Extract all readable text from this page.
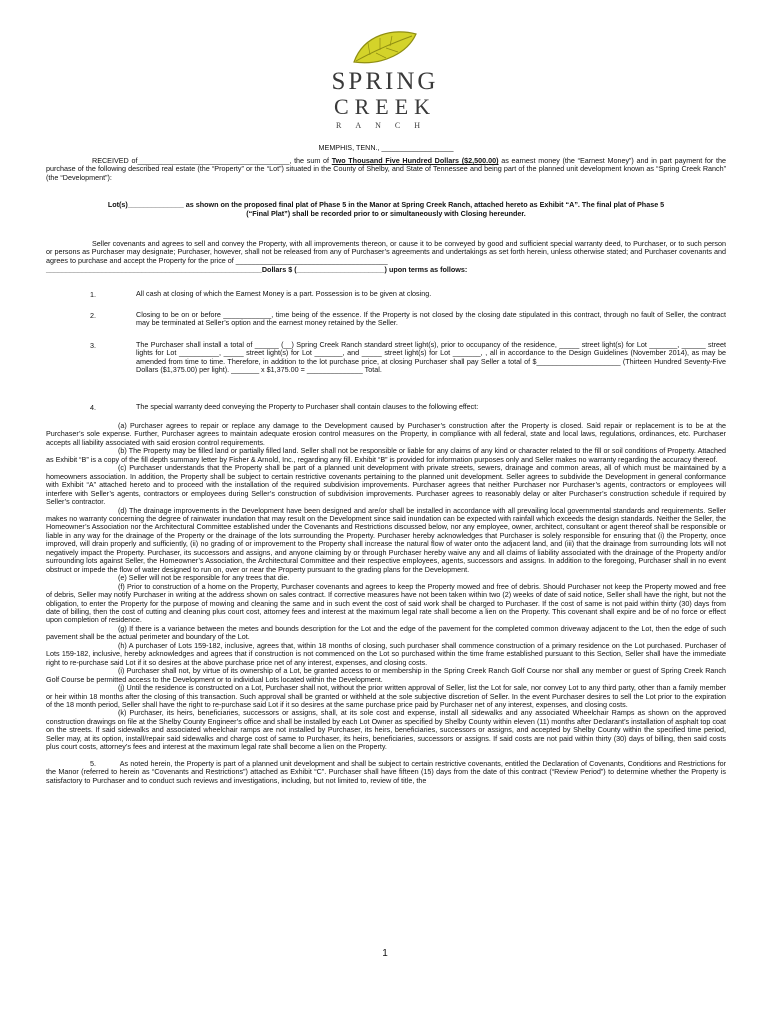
SPRING
CREEK
RANCH
MEMPHIS, TENN., __________________
RECEIVED of______________________________________, the sum of Two Thousand Five Hundred Dollars ($2,500.00) as earnest money (the “Earnest Money”) and in part payment for the purchase of the following described real estate (the “Property” or the “Lot”) situated in the County of Shelby, and State of Tennessee and being part of the planned unit development known as “Spring Creek Ranch” (the “Development”):
Lot(s)______________ as shown on the proposed final plat of Phase 5 in the Manor at Spring Creek Ranch, attached hereto as Exhibit “A”. The final plat of Phase 5
(“Final Plat”) shall be recorded prior to or simultaneously with Closing hereunder.
Seller covenants and agrees to sell and convey the Property, with all improvements thereon, or cause it to be conveyed by good and sufficient special warranty deed, to Purchaser, or to such person or persons as Purchaser may designate; Purchaser, however, shall not be released from any of Purchaser’s agreements and undertakings as set forth herein, unless otherwise stated; and Purchaser covenants and agrees to purchase and accept the Property for the price of ______________________________________
______________________________________________________Dollars $ (______________________) upon terms as follows:
1.	All cash at closing of which the Earnest Money is a part. Possession is to be given at closing.
2.	Closing to be on or before ____________, time being of the essence. If the Property is not closed by the closing date stipulated in this contract, through no fault of Seller, the contract may be terminated at Seller’s option and the earnest money retained by the Seller.
3.	The Purchaser shall install a total of ______ (__) Spring Creek Ranch standard street light(s), prior to occupancy of the residence, _____ street light(s) for Lot _______, ______ street lights for Lot __________, _____ street light(s) for Lot _______, and _____ street light(s) for Lot _______, , all in accordance to the Design Guidelines (November 2014), as may be amended from time to time. Therefore, in addition to the lot purchase price, at closing Purchaser shall pay Seller a total of $_____________________ (Thirteen Hundred Seventy-Five Dollars ($1,375.00) per light). _______ x $1,375.00 = ______________ Total.
4.	The special warranty deed conveying the Property to Purchaser shall contain clauses to the following effect:
(a) Purchaser agrees to repair or replace any damage to the Development caused by Purchaser’s construction after the Property is closed. Said repair or replacement is to be at the Purchaser’s sole expense. Further, Purchaser agrees to maintain adequate erosion control measures on the Property, in compliance with all federal, state and local laws, regulations, ordinances, etc. Purchaser accepts all liability associated with said erosion control requirements.
(b) The Property may be filled land or partially filled land. Seller shall not be responsible or liable for any claims of any kind or character related to the fill or soil conditions of Property. Attached as Exhibit “B” is a copy of the fill depth summary letter by Fisher & Arnold, Inc., regarding any fill. Exhibit “B” is provided for information purposes only and Seller makes no warranty regarding the accuracy thereof.
(c) Purchaser understands that the Property shall be part of a planned unit development with private streets, sewers, drainage and common areas, all of which must be maintained by a homeowners association. In addition, the Property shall be subject to certain restrictive covenants pertaining to the planned unit development. Seller agrees to subdivide the Development in general conformance with Exhibit “A” attached hereto and to proceed with the installation of the required subdivision improvements. Purchaser agrees that neither Purchaser nor Purchaser’s agents, contractors or employees will interfere with Seller’s agents, contractors or employees during Seller’s construction of subdivision improvements. Purchaser agrees to reasonably delay or alter Purchaser’s construction schedule if required by Seller’s contractor.
(d) The drainage improvements in the Development have been designed and are/or shall be installed in accordance with all prevailing local governmental standards and requirements. Seller makes no warranty concerning the degree of rainwater inundation that may result on the Development since said inundation can be expected with rainfall which exceeds the design standards. Neither the Seller, the Homeowner’s Association nor the Architectural Committee established under the Covenants and Restrictions discussed below, nor any employee, owner, architect, consultant or agent thereof shall be responsible or liable in any way for the drainage of the Property or the drainage of the lots surrounding the Property. Purchaser hereby acknowledges that Purchaser is solely responsible for ensuring that (i) the Property, once improved, will drain properly and sufficiently, (ii) no grading of or improvement to the Property shall increase the natural flow of water onto the adjacent land, and (iii) that the drainage from surrounding lots will not negatively impact the Property. Purchaser, its successors and assigns, and anyone claiming by or through Purchaser hereby waive any and all claims of liability associated with the drainage of the Property and/or surrounding lots against Seller, the Homeowner’s Association, the Architectural Committee and their respective employees, agents, successors and assigns. In addition to the foregoing, Purchaser shall in no event obstruct or impede the flow of water designed to run on, over or near the Property pursuant to the grading plans for the Development.
(e) Seller will not be responsible for any trees that die.
(f) Prior to construction of a home on the Property, Purchaser covenants and agrees to keep the Property mowed and free of debris. Should Purchaser not keep the Property mowed and free of debris, Seller may notify Purchaser in writing at the address shown on sales contract. If corrective measures have not been taken within two (2) weeks of date of said notice, Seller shall have the right, but not the obligation, to enter the Property for the purpose of mowing and cleaning the same and in such event the cost of said work shall be charged to Purchaser. If the cost of same is not paid within thirty (30) days from date of billing, then the cost of cutting and cleaning plus court cost, attorney fees and interest at the maximum legal rate shall become a lien on the Property. This covenant shall expire and be of no force or effect upon completion of residence.
(g) If there is a variance between the metes and bounds description for the Lot and the edge of the pavement for the completed common driveway adjacent to the Lot, then the edge of such pavement shall be the actual perimeter and boundary of the Lot.
(h) A purchaser of Lots 159-182, inclusive, agrees that, within 18 months of closing, such purchaser shall commence construction of a primary residence on the Lot purchased. Purchaser of Lots 159-182, inclusive, hereby acknowledges and agrees that if construction is not commenced on the Lot so purchased within the time frame established pursuant to this Section, Seller shall have the immediate right to re-purchase said Lot if it so desires at the above purchase price net of any interest, expenses, and closing costs.
(i) Purchaser shall not, by virtue of its ownership of a Lot, be granted access to or membership in the Spring Creek Ranch Golf Course nor shall any member or guest of Spring Creek Ranch Golf Course be permitted access to the Development or to individual Lots located within the Development.
(j) Until the residence is constructed on a Lot, Purchaser shall not, without the prior written approval of Seller, list the Lot for sale, nor convey Lot to any third party, other than a family member or heir within 18 months after the closing of this transaction. Such approval shall be granted or withheld at the sole subjective discretion of Seller. In the event Purchaser desires to sell the Lot prior to the expiration of the 18 month period, Seller shall have the right to re-purchase said Lot if it so desires at the same purchase price paid by Purchaser net of any interest, expenses, and closing costs.
(k) Purchaser, its heirs, beneficiaries, successors or assigns, shall, at its sole cost and expense, install all sidewalks and any associated Wheelchair Ramps as shown on the approved construction drawings on file at the Shelby County Engineer’s office and shall be installed by each Lot Owner as specified by Shelby County within eleven (11) months after Declarant’s installation of asphalt top coat on the streets. If said sidewalks and associated wheelchair ramps are not installed by Purchaser, its heirs, beneficiaries, successors or assigns, and accepted by Shelby County within the specified time period, Seller may, at its option, install/repair said sidewalks and charge cost of same to Purchaser, its heirs, beneficiaries, successors or assigns. If said costs are not paid within thirty (30) days of billing, then said costs plus court costs, attorney’s fees and interest at the maximum legal rate shall become a lien on the Property.
5.	As noted herein, the Property is part of a planned unit development and shall be subject to certain restrictive covenants, entitled the Declaration of Covenants, Conditions and Restrictions for the Manor (referred to herein as “Covenants and Restrictions”) attached as Exhibit “C”. Purchaser shall have fifteen (15) days from the date of this contract (“Review Period”) to determine whether the Property is satisfactory to Purchaser and to conduct such reviews and investigations, including, but not limited to, review of title, the
1
